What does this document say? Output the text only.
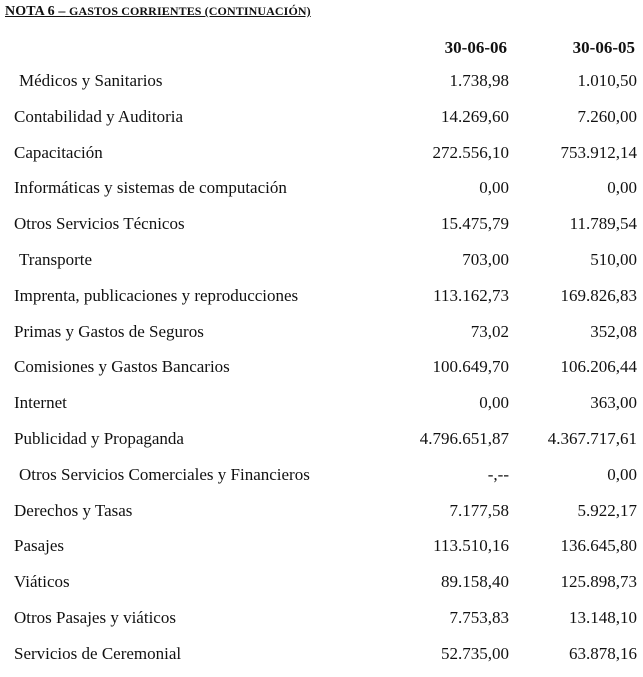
NOTA 6 – GASTOS CORRIENTES (CONTINUACIÓN)
30-06-06	30-06-05
Médicos y Sanitarios	1.738,98	1.010,50
Contabilidad y Auditoria	14.269,60	7.260,00
Capacitación	272.556,10	753.912,14
Informáticas y sistemas de computación	0,00	0,00
Otros Servicios Técnicos	15.475,79	11.789,54
Transporte	703,00	510,00
Imprenta, publicaciones y reproducciones	113.162,73	169.826,83
Primas y Gastos de Seguros	73,02	352,08
Comisiones y Gastos Bancarios	100.649,70	106.206,44
Internet	0,00	363,00
Publicidad y Propaganda	4.796.651,87 4.367.717,61
Otros Servicios Comerciales y Financieros	-,--	0,00
Derechos y Tasas	7.177,58	5.922,17
Pasajes	113.510,16	136.645,80
Viáticos	89.158,40	125.898,73
Otros Pasajes y viáticos	7.753,83	13.148,10
Servicios de Ceremonial	52.735,00	63.878,16
